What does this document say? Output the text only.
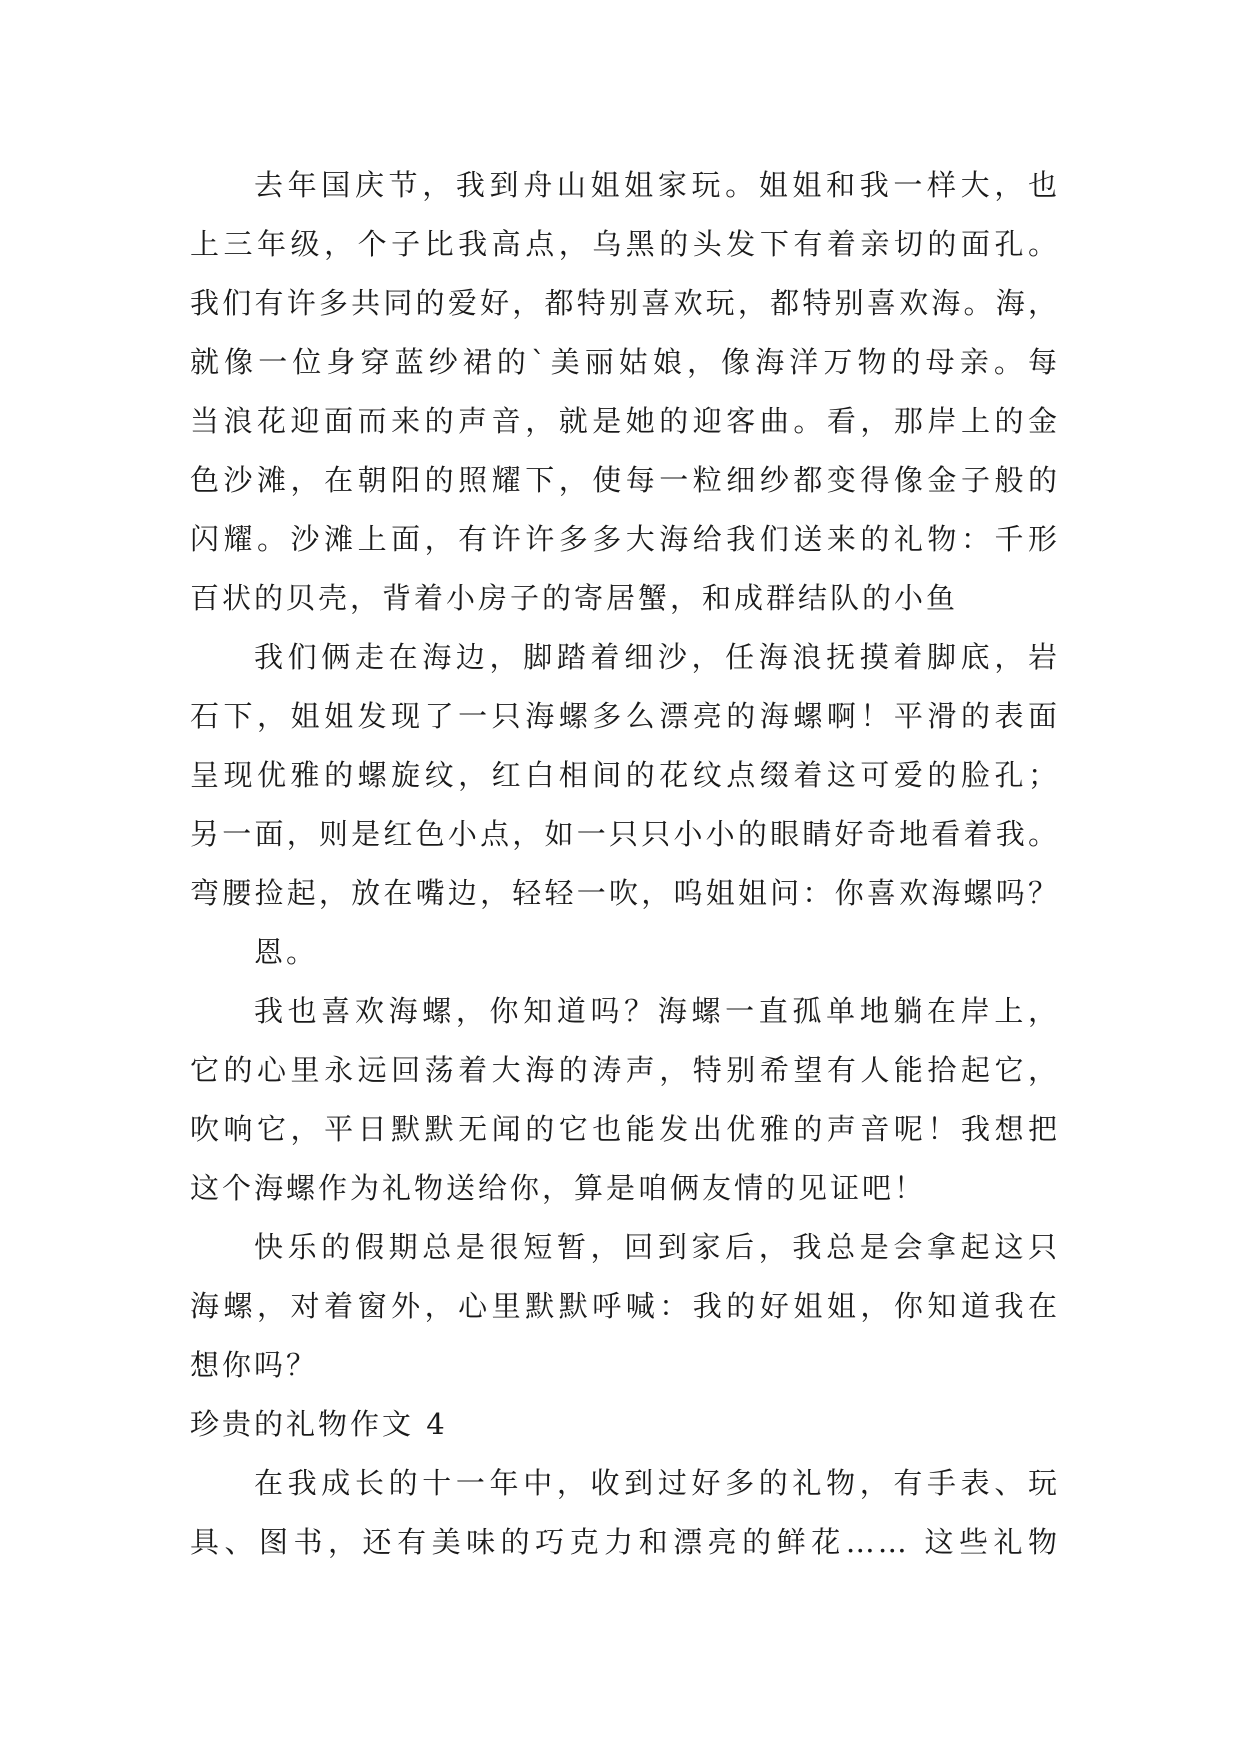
去年国庆节，我到舟山姐姐家玩。姐姐和我一样大，也
上三年级，个子比我高点，乌黑的头发下有着亲切的面孔。
我们有许多共同的爱好，都特别喜欢玩，都特别喜欢海。海，
就像一位身穿蓝纱裙的`美丽姑娘，像海洋万物的母亲。每
当浪花迎面而来的声音，就是她的迎客曲。看，那岸上的金
色沙滩，在朝阳的照耀下，使每一粒细纱都变得像金子般的
闪耀。沙滩上面，有许许多多大海给我们送来的礼物：千形
百状的贝壳，背着小房子的寄居蟹，和成群结队的小鱼
我们俩走在海边，脚踏着细沙，任海浪抚摸着脚底，岩
石下，姐姐发现了一只海螺多么漂亮的海螺啊！平滑的表面
呈现优雅的螺旋纹，红白相间的花纹点缀着这可爱的脸孔；
另一面，则是红色小点，如一只只小小的眼睛好奇地看着我。
弯腰捡起，放在嘴边，轻轻一吹，呜姐姐问：你喜欢海螺吗？
恩。
我也喜欢海螺，你知道吗？海螺一直孤单地躺在岸上，
它的心里永远回荡着大海的涛声，特别希望有人能拾起它，
吹响它，平日默默无闻的它也能发出优雅的声音呢！我想把
这个海螺作为礼物送给你，算是咱俩友情的见证吧！
快乐的假期总是很短暂，回到家后，我总是会拿起这只
海螺，对着窗外，心里默默呼喊：我的好姐姐，你知道我在
想你吗？
珍贵的礼物作文 4
在我成长的十一年中，收到过好多的礼物，有手表、玩
具、图书，还有美味的巧克力和漂亮的鲜花…… 这些礼物
